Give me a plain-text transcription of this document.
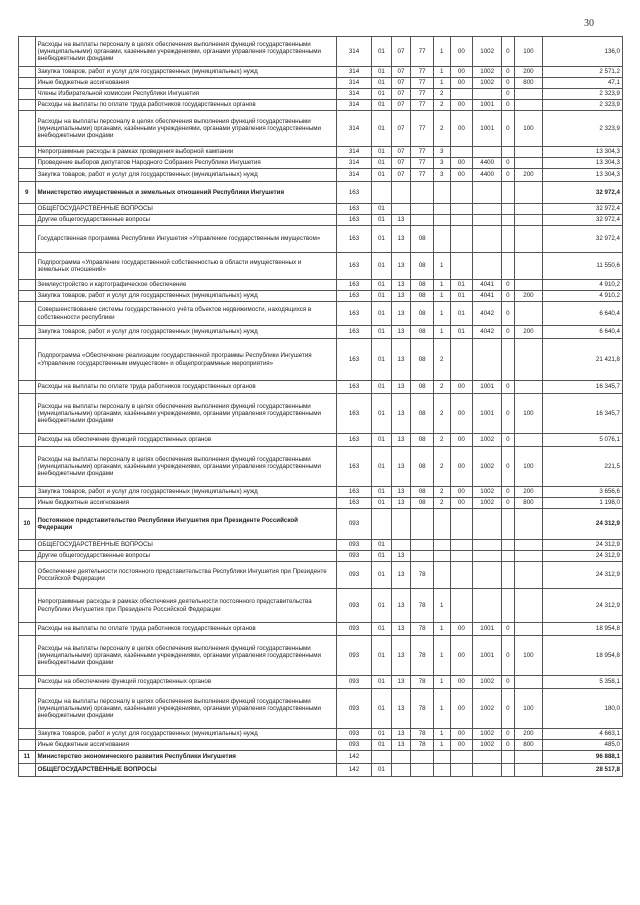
30
	Расходы на выплаты персоналу в целях обеспечения выполнения функций государственными (муниципальными) органами, казенными учреждениями, органами управления государственными внебюджетными фондами	314	01	07	77	1	00	1002	0	100	136,0
	Закупка товаров, работ и услуг для государственных (муниципальных) нужд	314	01	07	77	1	00	1002	0	200	2 571,2
	Иные бюджетные ассигнования	314	01	07	77	1	00	1002	0	800	47,1
	Члены Избирательной комиссии Республики Ингушетия	314	01	07	77	2			0		2 323,9
	Расходы на выплаты по оплате труда работников государственных органов	314	01	07	77	2	00	1001	0		2 323,9
	Расходы на выплаты персоналу в целях обеспечения выполнения функций государственными (муниципальными) органами, казёнными учреждениями, органами управления государственными внебюджетными фондами	314	01	07	77	2	00	1001	0	100	2 323,9
	Непрограммные расходы в рамках проведения выборной кампании	314	01	07	77	3					13 304,3
	Проведение выборов депутатов Народного Собрания Республики Ингушетия	314	01	07	77	3	00	4400	0		13 304,3
	Закупка товаров, работ и услуг для государственных (муниципальных) нужд	314	01	07	77	3	00	4400	0	200	13 304,3
9	Министерство имущественных и земельных отношений Республики Ингушетия	163									32 972,4
	ОБЩЕГОСУДАРСТВЕННЫЕ ВОПРОСЫ	163	01								32 972,4
	Другие общегосударственные вопросы	163	01	13							32 972,4
	Государственная программа Республики Ингушетия «Управление государственным имуществом»	163	01	13	08						32 972,4
	Подпрограмма «Управление государственной собственностью в области имущественных и земельных отношений»	163	01	13	08	1					11 550,6
	Землеустройство и картографическое обеспечение	163	01	13	08	1	01	4041	0		4 910,2
	Закупка товаров, работ и услуг для государственных (муниципальных) нужд	163	01	13	08	1	01	4041	0	200	4 910,2
	Совершенствование системы государственного учёта объектов недвижимости, находящихся в собственности республики	163	01	13	08	1	01	4042	0		6 640,4
	Закупка товаров, работ и услуг для государственных (муниципальных) нужд	163	01	13	08	1	01	4042	0	200	6 640,4
	Подпрограмма «Обеспечение реализации государственной программы Республики Ингушетия «Управление государственным имуществом» и общепрограммные мероприятия»	163	01	13	08	2					21 421,8
	Расходы на выплаты по оплате труда работников государственных органов	163	01	13	08	2	00	1001	0		16 345,7
	Расходы на выплаты персоналу в целях обеспечения выполнения функций государственными (муниципальными) органами, казёнными учреждениями, органами управления государственными внебюджетными фондами	163	01	13	08	2	00	1001	0	100	16 345,7
	Расходы на обеспечение функций государственных органов	163	01	13	08	2	00	1002	0		5 076,1
	Расходы на выплаты персоналу в целях обеспечения выполнения функций государственными (муниципальными) органами, казёнными учреждениями, органами управления государственными внебюджетными фондами	163	01	13	08	2	00	1002	0	100	221,5
	Закупка товаров, работ и услуг для государственных (муниципальных) нужд	163	01	13	08	2	00	1002	0	200	3 656,6
	Иные бюджетные ассигнования	163	01	13	08	2	00	1002	0	800	1 198,0
10	Постоянное представительство Республики Ингушетия при Президенте Российской Федерации	093									24 312,9
	ОБЩЕГОСУДАРСТВЕННЫЕ ВОПРОСЫ	093	01								24 312,9
	Другие общегосударственные вопросы	093	01	13							24 312,9
	Обеспечение деятельности постоянного представительства Республики Ингушетия при Президенте Российской Федерации	093	01	13	78						24 312,9
	Непрограммные расходы в рамках обеспечения деятельности постоянного представительства Республики Ингушетия при Президенте Российской Федерации	093	01	13	78	1					24 312,9
	Расходы на выплаты по оплате труда работников государственных органов	093	01	13	78	1	00	1001	0		18 954,8
	Расходы на выплаты персоналу в целях обеспечения выполнения функций государственными (муниципальными) органами, казёнными учреждениями, органами управления государственными внебюджетными фондами	093	01	13	78	1	00	1001	0	100	18 954,8
	Расходы на обеспечение функций государственных органов	093	01	13	78	1	00	1002	0		5 358,1
	Расходы на выплаты персоналу в целях обеспечения выполнения функций государственными (муниципальными) органами, казёнными учреждениями, органами управления государственными внебюджетными фондами	093	01	13	78	1	00	1002	0	100	180,0
	Закупка товаров, работ и услуг для государственных (муниципальных) нужд	093	01	13	78	1	00	1002	0	200	4 663,1
	Иные бюджетные ассигнования	093	01	13	78	1	00	1002	0	800	485,0
11	Министерство экономического развития Республики Ингушетия	142									96 888,1
	ОБЩЕГОСУДАРСТВЕННЫЕ ВОПРОСЫ	142	01								28 517,8
